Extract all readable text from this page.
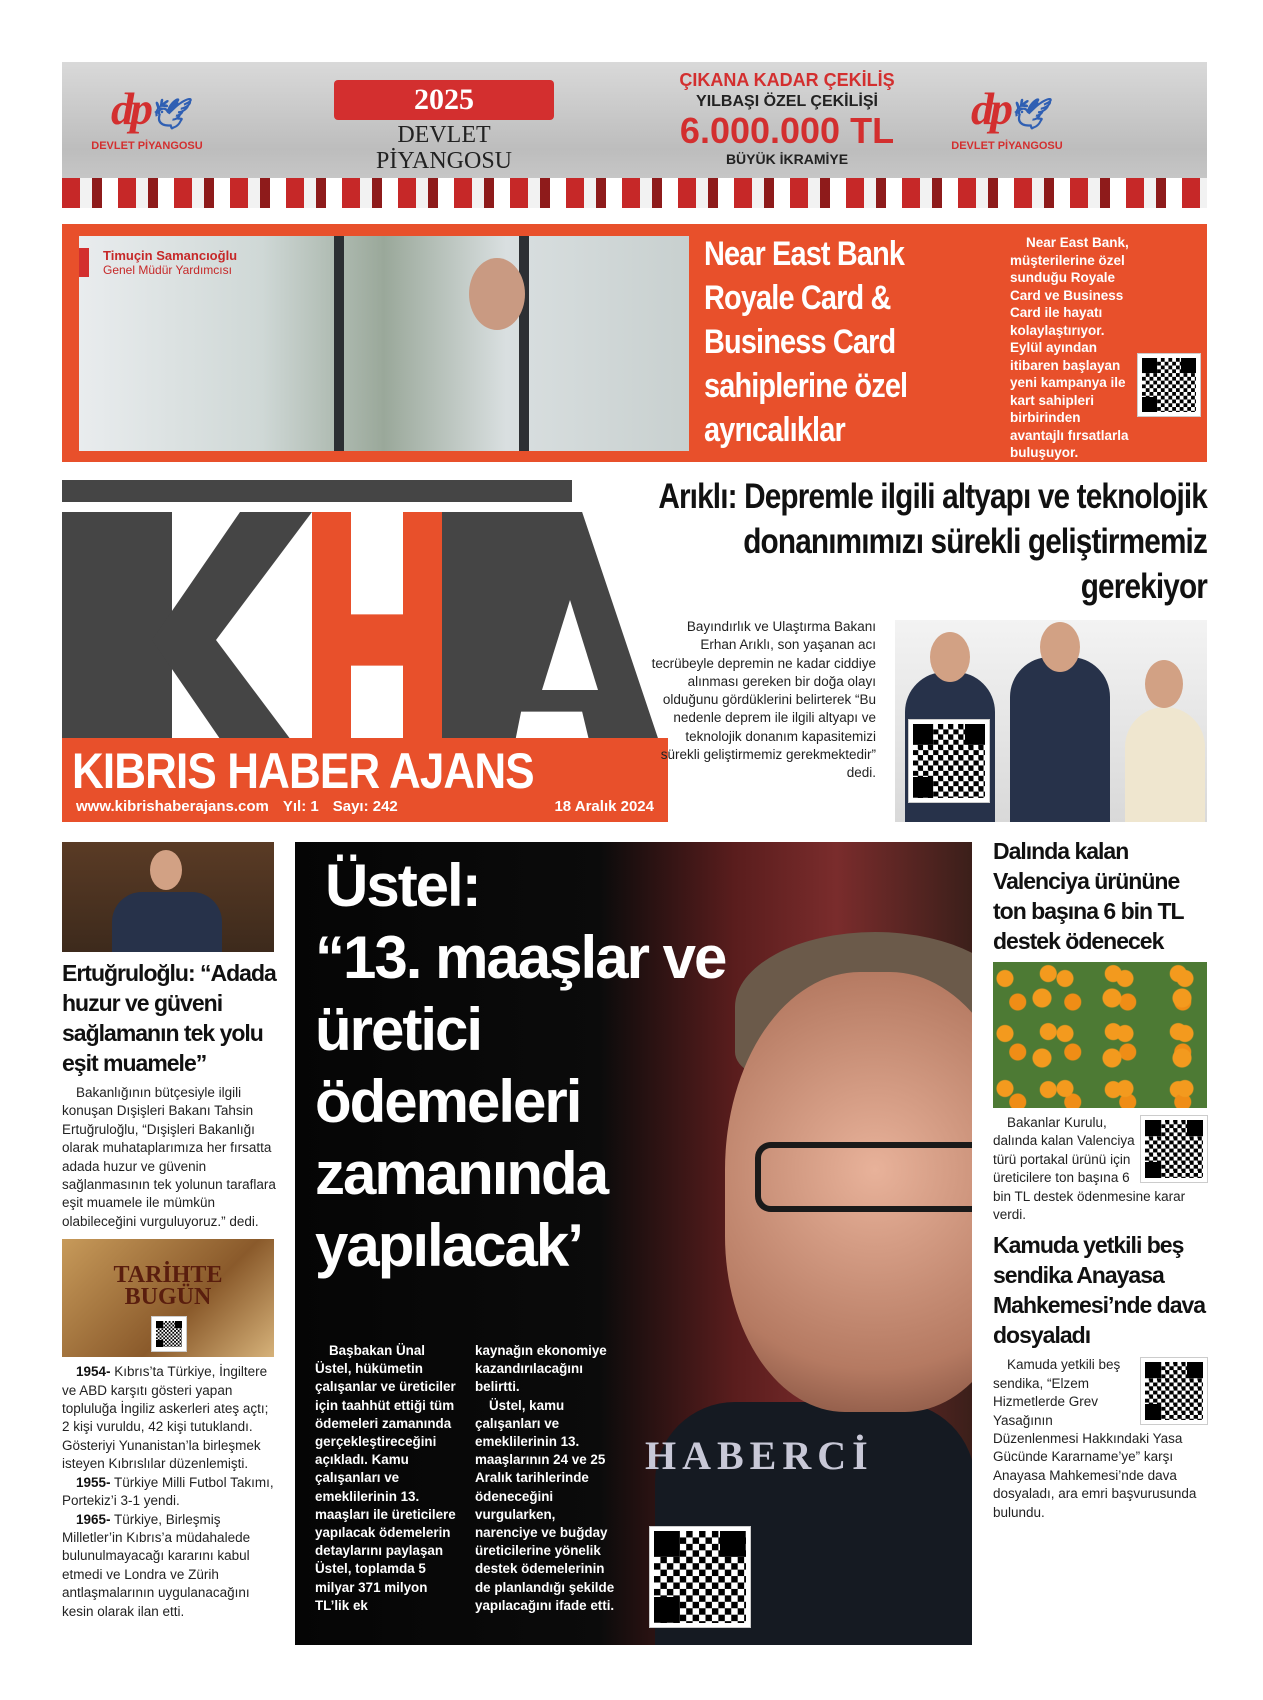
dp🕊
DEVLET PİYANGOSU
2025
DEVLET PİYANGOSU
ÇIKANA KADAR ÇEKİLİŞ
YILBAŞI ÖZEL ÇEKİLİŞİ
6.000.000 TL
BÜYÜK İKRAMİYE
dp🕊
DEVLET PİYANGOSU
Timuçin Samancıoğlu
Genel Müdür Yardımcısı	Near East Bank Royale Card & Business Card sahiplerine özel ayrıcalıklar
Near East Bank, müşterilerine özel sunduğu Royale Card ve Business Card ile hayatı kolaylaştırıyor. Eylül ayından itibaren başlayan yeni kampanya ile kart sahipleri birbirinden avantajlı fırsatlarla buluşuyor.
KIBRIS HABER AJANS
www.kibrishaberajans.com Yıl: 1 Sayı: 242	18 Aralık 2024
Arıklı: Depremle ilgili altyapı ve teknolojik donanımımızı sürekli geliştirmemiz gerekiyor
Bayındırlık ve Ulaştırma Bakanı Erhan Arıklı, son yaşanan acı tecrübeyle depremin ne kadar ciddiye alınması gereken bir doğa olayı olduğunu gördüklerini belirterek “Bu nedenle deprem ile ilgili altyapı ve teknolojik donanım kapasitemizi sürekli geliştirmemiz gerekmektedir” dedi.
Ertuğruloğlu: “Adada huzur ve güveni sağlamanın tek yolu eşit muamele”
Bakanlığının bütçesiyle ilgili konuşan Dışişleri Bakanı Tahsin Ertuğruloğlu, “Dışişleri Bakanlığı olarak muhataplarımıza her fırsatta adada huzur ve güvenin sağlanmasının tek yolunun taraflara eşit muamele ile mümkün olabileceğini vurguluyoruz.” dedi.
TARİHTE BUGÜN

1954- Kıbrıs’ta Türkiye, İngiltere ve ABD karşıtı gösteri yapan topluluğa İngiliz askerleri ateş açtı; 2 kişi vuruldu, 42 kişi tutuklandı. Gösteriyi Yunanistan’la birleşmek isteyen Kıbrıslılar düzenlemişti.

1955- Türkiye Milli Futbol Takımı, Portekiz’i 3-1 yendi.

1965- Türkiye, Birleşmiş Milletler’in Kıbrıs’a müdahalede bulunulmayacağı kararını kabul etmedi ve Londra ve Zürih antlaşmalarının uygulanacağını kesin olarak ilan etti.

Üstel:
“13. maaşlar ve üretici ödemeleri zamanında yapılacak’
Başbakan Ünal Üstel, hükümetin çalışanlar ve üreticiler için taahhüt ettiği tüm ödemeleri zamanında gerçekleştireceğini açıkladı. Kamu çalışanları ve emeklilerinin 13. maaşları ile üreticilere yapılacak ödemelerin detaylarını paylaşan Üstel, toplamda 5 milyar 371 milyon TL’lik ek

kaynağın ekonomiye kazandırılacağını belirtti.

Üstel, kamu çalışanları ve emeklilerinin 13. maaşlarının 24 ve 25 Aralık tarihlerinde ödeneceğini vurgularken, narenciye ve buğday üreticilerine yönelik destek ödemelerinin de planlandığı şekilde yapılacağını ifade etti.

HABERCİ
Dalında kalan Valenciya ürününe ton başına 6 bin TL destek ödenecek
Bakanlar Kurulu, dalında kalan Valenciya türü portakal ürünü için üreticilere ton başına 6 bin TL destek ödenmesine karar verdi.
Kamuda yetkili beş sendika Anayasa Mahkemesi’nde dava dosyaladı
Kamuda yetkili beş sendika, “Elzem Hizmetlerde Grev Yasağının Düzenlenmesi Hakkındaki Yasa Gücünde Kararname’ye” karşı Anayasa Mahkemesi’nde dava dosyaladı, ara emri başvurusunda bulundu.
